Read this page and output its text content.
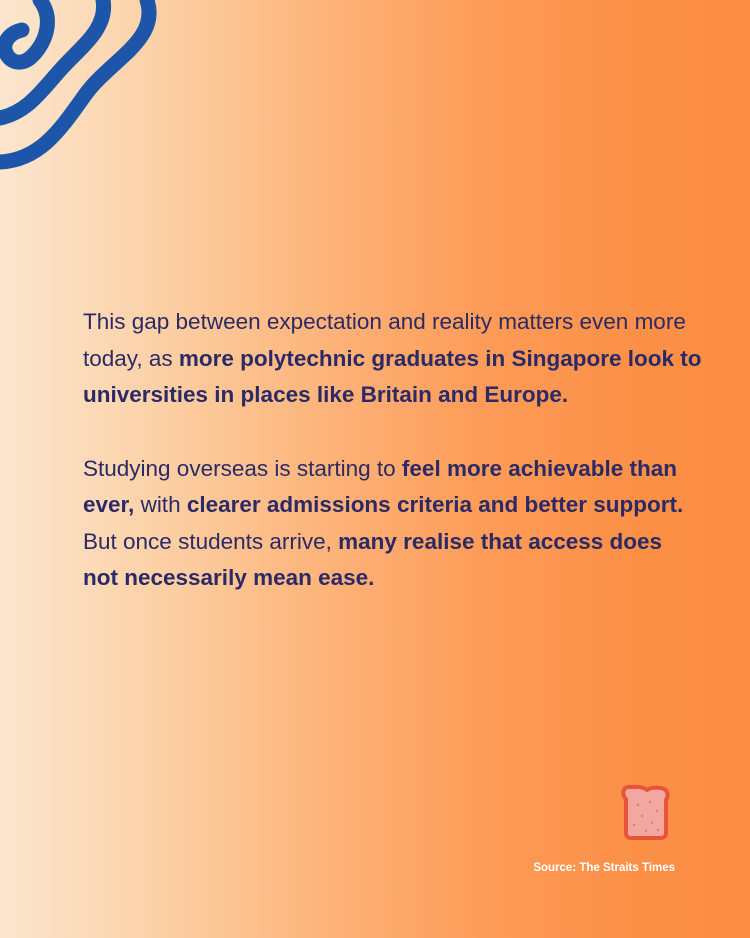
This gap between expectation and reality matters even more today, as more polytechnic graduates in Singapore look to universities in places like Britain and Europe.

Studying overseas is starting to feel more achievable than ever, with clearer admissions criteria and better support. But once students arrive, many realise that access does not necessarily mean ease.

Source: The Straits Times
